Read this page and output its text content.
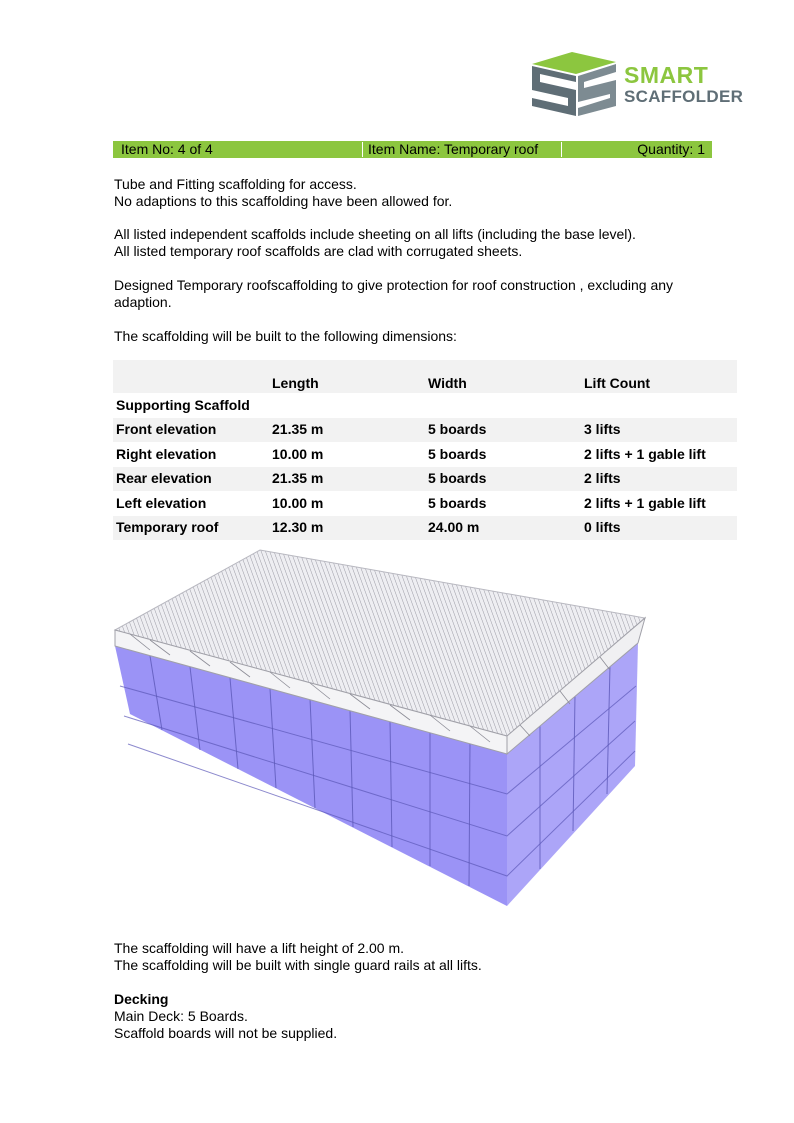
SMART
SCAFFOLDER
Item No: 4 of 4	Item Name: Temporary roof	Quantity: 1
Tube and Fitting scaffolding for access.
No adaptions to this scaffolding have been allowed for.
All listed independent scaffolds include sheeting on all lifts (including the base level).
All listed temporary roof scaffolds are clad with corrugated sheets.
Designed Temporary roofscaffolding to give protection for roof construction , excluding any
adaption.
The scaffolding will be built to the following dimensions:
	Length	Width	Lift Count
Supporting Scaffold			
Front elevation	21.35 m	5 boards	3 lifts
Right elevation	10.00 m	5 boards	2 lifts + 1 gable lift
Rear elevation	21.35 m	5 boards	2 lifts
Left elevation	10.00 m	5 boards	2 lifts + 1 gable lift
Temporary roof	12.30 m	24.00 m	0 lifts
The scaffolding will have a lift height of 2.00 m.
The scaffolding will be built with single guard rails at all lifts.
Decking
Main Deck: 5 Boards.
Scaffold boards will not be supplied.
